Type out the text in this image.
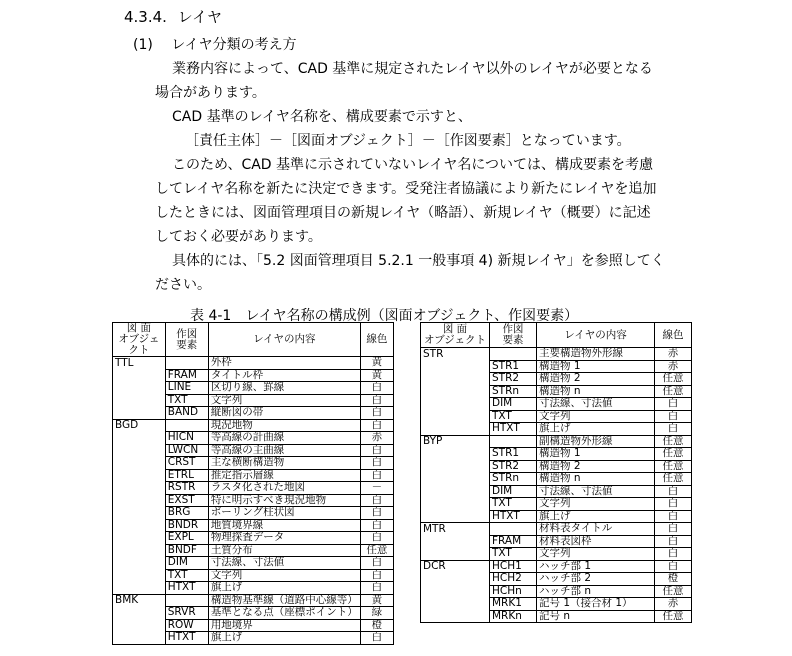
4.3.4. レイヤ
(1) レイヤ分類の考え方
業務内容によって、CAD 基準に規定されたレイヤ以外のレイヤが必要となる
場合があります。
CAD 基準のレイヤ名称を、構成要素で示すと、
［責任主体］－［図面オブジェクト］－［作図要素］となっています。
このため、CAD 基準に示されていないレイヤ名については、構成要素を考慮
してレイヤ名称を新たに決定できます。受発注者協議により新たにレイヤを追加
したときには、図面管理項目の新規レイヤ（略語）、新規レイヤ（概要）に記述
しておく必要があります。
具体的には、「5.2 図面管理項目 5.2.1 一般事項 4) 新規レイヤ」を参照してく
ださい。
表 4-1　レイヤ名称の構成例（図面オブジェクト、作図要素）
図 面
オブジェクト	作図
要素	レイヤの内容	線色
TTL		外枠	黄
	FRAM	タイトル枠	黄
	LINE	区切り線、罫線	白
	TXT	文字列	白
	BAND	縦断図の帯	白
BGD		現況地物	白
	HICN	等高線の計曲線	赤
	LWCN	等高線の主曲線	白
	CRST	主な横断構造物	白
	ETRL	推定指示層線	白
	RSTR	ラスタ化された地図	－
	EXST	特に明示すべき現況地物	白
	BRG	ボーリング柱状図	白
	BNDR	地質境界線	白
	EXPL	物理探査データ	白
	BNDF	土質分布	任意
	DIM	寸法線、寸法値	白
	TXT	文字列	白
	HTXT	旗上げ	白
BMK		構造物基準線（道路中心線等）	黄
	SRVR	基準となる点（座標ポイント）	緑
	ROW	用地境界	橙
	HTXT	旗上げ	白
図 面
オブジェクト	作図
要素	レイヤの内容	線色
STR		主要構造物外形線	赤
	STR1	構造物 1	赤
	STR2	構造物 2	任意
	STRn	構造物 n	任意
	DIM	寸法線、寸法値	白
	TXT	文字列	白
	HTXT	旗上げ	白
BYP		副構造物外形線	任意
	STR1	構造物 1	任意
	STR2	構造物 2	任意
	STRn	構造物 n	任意
	DIM	寸法線、寸法値	白
	TXT	文字列	白
	HTXT	旗上げ	白
MTR		材料表タイトル	白
	FRAM	材料表図枠	白
	TXT	文字列	白
DCR	HCH1	ハッチ部 1	白
	HCH2	ハッチ部 2	橙
	HCHn	ハッチ部 n	任意
	MRK1	記号 1（接合材 1）	赤
	MRKn	記号 n	任意
